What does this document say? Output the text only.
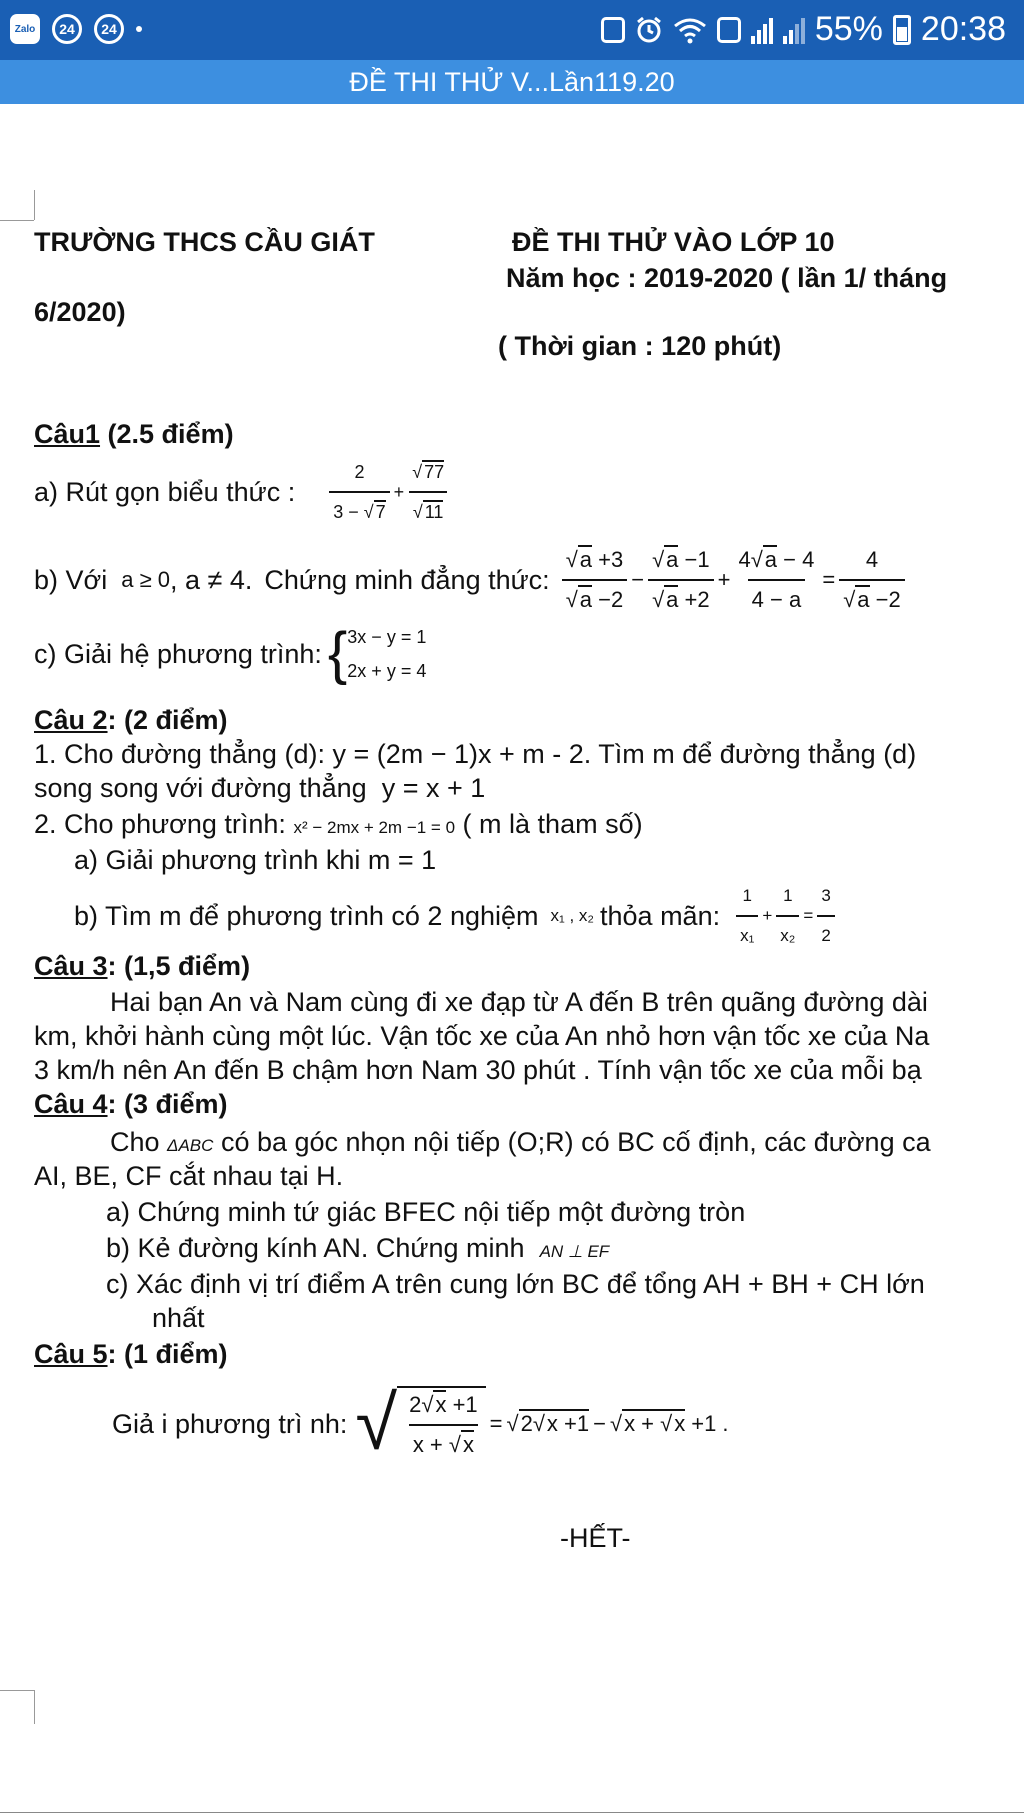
Zalo	24	24	55% 20:38
ĐỀ THI THỬ V...Lần119.20
TRƯỜNG THCS CẦU GIÁT	ĐỀ THI THỬ VÀO LỚP 10
Năm học : 2019-2020 ( lần 1/ tháng
6/2020)
( Thời gian : 120 phút)
Câu1 (2.5 điểm)
a) Rút gọn biểu thức : $\frac{2}{3 - √ 7} + \frac{√ 77}{√ 11}$
b) Với a ≥ 0 , a ≠ 4. Chứng minh đẳng thức: $\frac{√a +3}{√a -2} - \frac{√a -1}{√a +2} + \frac{4√a - 4}{4 - a} = \frac{4}{√a -2}$
c) Giải hệ phương trình: { 3x − y = 1
2x + y = 4
Câu 2: (2 điểm)
1. Cho đường thẳng (d): y = (2m − 1)x + m - 2. Tìm m để đường thẳng (d)
song song với đường thẳng y = x + 1
2. Cho phương trình: x² − 2mx + 2m −1 = 0 ( m là tham số)
a) Giải phương trình khi m = 1
b) Tìm m để phương trình có 2 nghiệm x₁ , x₂ thỏa mãn: $\frac{1}{\text{x₁}} + \frac{1}{\text{x₂}} = \frac{3}{2}$
Câu 3: (1,5 điểm)
Hai bạn An và Nam cùng đi xe đạp từ A đến B trên quãng đường dài
km, khởi hành cùng một lúc. Vận tốc xe của An nhỏ hơn vận tốc xe của Na
3 km/h nên An đến B chậm hơn Nam 30 phút . Tính vận tốc xe của mỗi bạ
Câu 4: (3 điểm)
Cho ΔABC có ba góc nhọn nội tiếp (O;R) có BC cố định, các đường ca
AI, BE, CF cắt nhau tại H.
a) Chứng minh tứ giác BFEC nội tiếp một đường tròn
b) Kẻ đường kính AN. Chứng minh AN ⊥ EF
c) Xác định vị trí điểm A trên cung lớn BC để tổng AH + BH + CH lớn
nhất
Câu 5: (1 điểm)
Giả i phương trì nh: √ $\frac{2√x +1}{x + √x} = √2√x +1 - √x + √x +1$ .
-HẾT-
